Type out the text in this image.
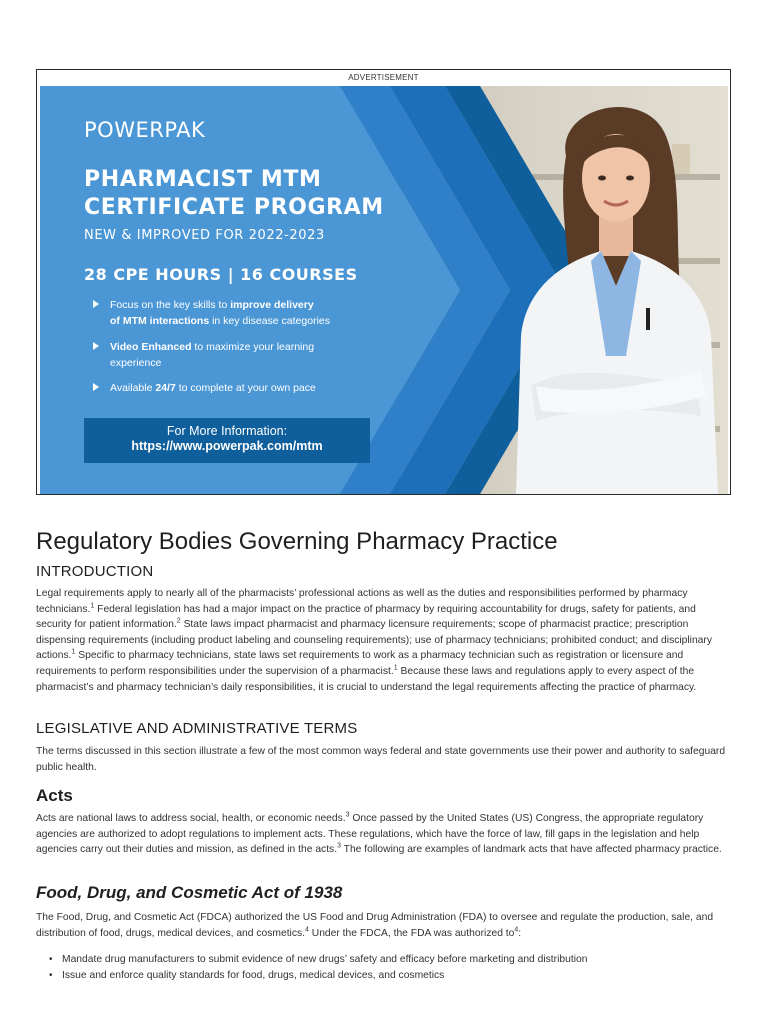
ADVERTISEMENT
POWERPAK
PHARMACIST MTM
CERTIFICATE PROGRAM
NEW & IMPROVED FOR 2022-2023
28 CPE HOURS | 16 COURSES
Focus on the key skills to improve delivery
of MTM interactions in key disease categories
Video Enhanced to maximize your learning
experience
Available 24/7 to complete at your own pace
For More Information:
https://www.powerpak.com/mtm
Regulatory Bodies Governing Pharmacy Practice
INTRODUCTION

Legal requirements apply to nearly all of the pharmacists’ professional actions as well as the duties and responsibilities performed by pharmacy technicians.$^1$ Federal legislation has had a major impact on the practice of pharmacy by requiring accountability for drugs, safety for patients, and security for patient information.$^2$ State laws impact pharmacist and pharmacy licensure requirements; scope of pharmacist practice; prescription dispensing requirements (including product labeling and counseling requirements); use of pharmacy technicians; prohibited conduct; and disciplinary actions.$^1$ Specific to pharmacy technicians, state laws set requirements to work as a pharmacy technician such as registration or licensure and requirements to perform responsibilities under the supervision of a pharmacist.$^1$ Because these laws and regulations apply to every aspect of the pharmacist’s and pharmacy technician’s daily responsibilities, it is crucial to understand the legal requirements affecting the practice of pharmacy.

LEGISLATIVE AND ADMINISTRATIVE TERMS

The terms discussed in this section illustrate a few of the most common ways federal and state governments use their power and authority to safeguard public health.

Acts

Acts are national laws to address social, health, or economic needs.$^3$ Once passed by the United States (US) Congress, the appropriate regulatory agencies are authorized to adopt regulations to implement acts. These regulations, which have the force of law, fill gaps in the legislation and help agencies carry out their duties and mission, as defined in the acts.$^3$ The following are examples of landmark acts that have affected pharmacy practice.

Food, Drug, and Cosmetic Act of 1938

The Food, Drug, and Cosmetic Act (FDCA) authorized the US Food and Drug Administration (FDA) to oversee and regulate the production, sale, and distribution of food, drugs, medical devices, and cosmetics.$^4$ Under the FDCA, the FDA was authorized $to^4$:

• Mandate drug manufacturers to submit evidence of new drugs’ safety and efficacy before marketing and distribution
• Issue and enforce quality standards for food, drugs, medical devices, and cosmetics
